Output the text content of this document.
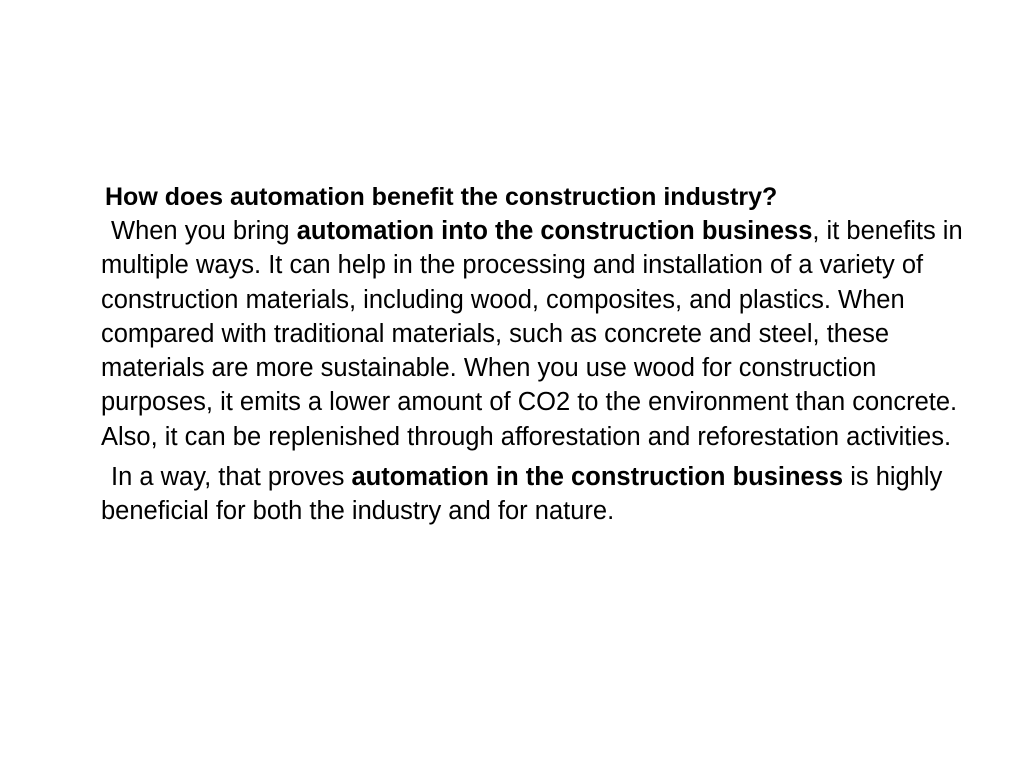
How does automation benefit the construction industry?

When you bring automation into the construction business, it benefits in multiple ways. It can help in the processing and installation of a variety of construction materials, including wood, composites, and plastics. When compared with traditional materials, such as concrete and steel, these materials are more sustainable. When you use wood for construction purposes, it emits a lower amount of CO2 to the environment than concrete. Also, it can be replenished through afforestation and reforestation activities.

In a way, that proves automation in the construction business is highly beneficial for both the industry and for nature.
